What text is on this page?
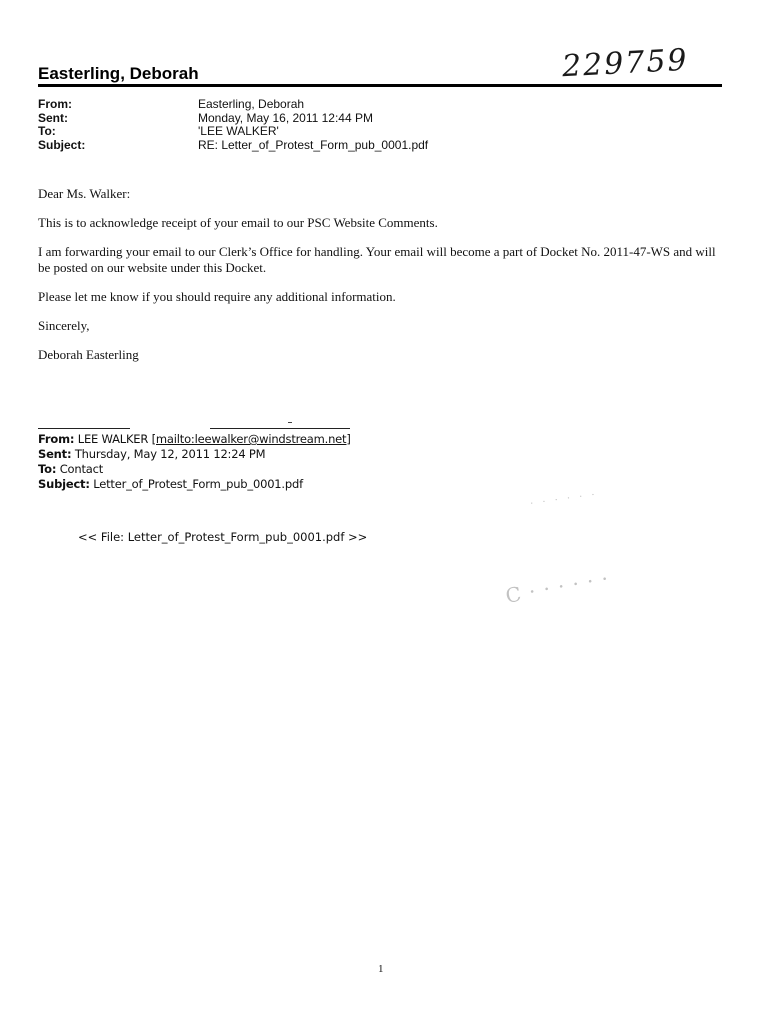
229759
Easterling, Deborah
From:	Easterling, Deborah
Sent:	Monday, May 16, 2011 12:44 PM
To:	'LEE WALKER'
Subject:	RE: Letter_of_Protest_Form_pub_0001.pdf

Dear Ms. Walker:

This is to acknowledge receipt of your email to our PSC Website Comments.

I am forwarding your email to our Clerk’s Office for handling. Your email will become a part of Docket No. 2011-47-WS and will be posted on our website under this Docket.

Please let me know if you should require any additional information.

Sincerely,

Deborah Easterling

From: LEE WALKER [mailto:leewalker@windstream.net]
Sent: Thursday, May 12, 2011 12:24 PM
To: Contact
Subject: Letter_of_Protest_Form_pub_0001.pdf
<< File: Letter_of_Protest_Form_pub_0001.pdf >>
· · · · · ·
C · · · · · ·
1
